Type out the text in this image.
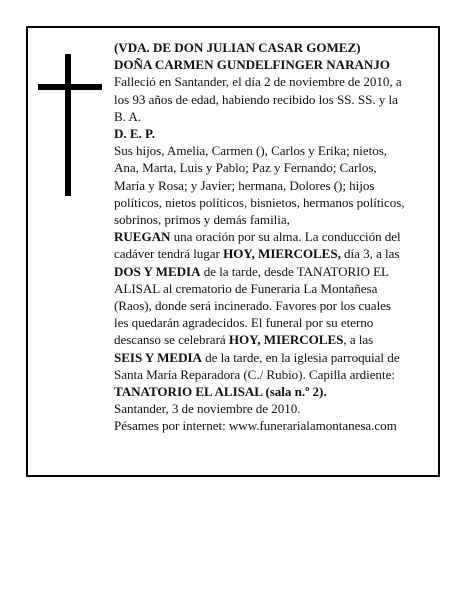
(VDA. DE DON JULIAN CASAR GOMEZ)
DOÑA CARMEN GUNDELFINGER NARANJO
Falleció en Santander, el día 2 de noviembre de 2010, a
los 93 años de edad, habiendo recibido los SS. SS. y la
B. A.
D. E. P.
Sus hijos, Amelia, Carmen (), Carlos y Erika; nietos,
Ana, Marta, Luis y Pablo; Paz y Fernando; Carlos,
María y Rosa; y Javier; hermana, Dolores (); hijos
políticos, nietos políticos, bisnietos, hermanos políticos,
sobrinos, primos y demás familia,
RUEGAN una oración por su alma. La conducción del
cadáver tendrá lugar HOY, MIERCOLES, día 3, a las
DOS Y MEDIA de la tarde, desde TANATORIO EL
ALISAL al crematorio de Funeraria La Montañesa
(Raos), donde será incinerado. Favores por los cuales
les quedarán agradecidos. El funeral por su eterno
descanso se celebrará HOY, MIERCOLES, a las
SEIS Y MEDIA de la tarde, en la iglesia parroquial de
Santa María Reparadora (C./ Rubio). Capilla ardiente:
TANATORIO EL ALISAL (sala n.º 2).
Santander, 3 de noviembre de 2010.
Pésames por internet: www.funerarialamontanesa.com
